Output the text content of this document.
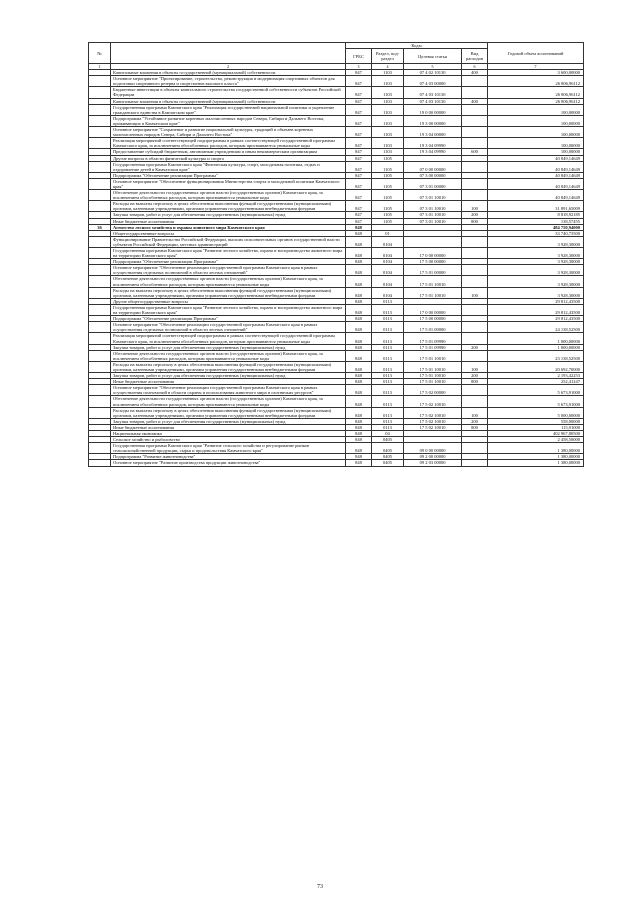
№		Коды				Годовой объем ассигнований
		ГРБС	Раздел, под-раздел	Целевая статья	Вид расходов	
1	2	3	4	5	6	7
	Капитальные вложения в объекты государственной (муниципальной) собственности	847	1103	07 4 02 10130	400	3 600,00000
	Основное мероприятие "Проектирование, строительство, реконструкция и модернизация спортивных объектов для подготовки спортивного резерва и спортсменов высокого класса"	847	1103	07 4 03 00000		26 806,96112
	Бюджетные инвестиции в объекты капитального строительства государственной собственности субъектов Российской Федерации	847	1103	07 4 03 10130		26 806,96112
	Капитальные вложения в объекты государственной (муниципальной) собственности	847	1103	07 4 03 10130	400	26 806,96112
	Государственная программа Камчатского края "Реализация государственной национальной политики и укрепление гражданского единства в Камчатском крае"	847	1103	19 0 00 00000		100,00000
	Подпрограмма "Устойчивое развитие коренных малочисленных народов Севера, Сибири и Дальнего Востока, проживающих в Камчатском крае"	847	1103	19 3 00 00000		100,00000
	Основное мероприятие "Сохранение и развитие национальной культуры, традиций и обычаев коренных малочисленных народов Севера, Сибири и Дальнего Востока"	847	1103	19 3 04 00000		100,00000
	Реализация мероприятий соответствующей подпрограммы в рамках соответствующей государственной программы Камчатского края, за исключением обособленных расходов, которым присваиваются уникальные коды	847	1103	19 3 04 09990		100,00000
	Предоставление субсидий бюджетным, автономным учреждениям и иным некоммерческим организациям	847	1103	19 3 04 09990	600	100,00000
	Другие вопросы в области физической культуры и спорта	847	1105			40 849,14649
	Государственная программа Камчатского края "Физическая культура, спорт, молодежная политика, отдых и оздоровление детей в Камчатском крае"	847	1105	07 0 00 00000		40 849,14649
	Подпрограмма "Обеспечение реализации Программы"	847	1105	07 3 00 00000		40 849,14649
	Основное мероприятие "Обеспечение функционирования Министерства спорта и молодежной политики Камчатского края"	847	1105	07 3 01 00000		40 849,14649
	Обеспечение деятельности государственных органов власти (государственных органов) Камчатского края, за исключением обособленных расходов, которым присваиваются уникальные коды	847	1105	07 3 01 10010		40 849,14649
	Расходы на выплаты персоналу в целях обеспечения выполнения функций государственными (муниципальными) органами, казенными учреждениями, органами управления государственными внебюджетными фондами	847	1105	07 3 01 10010	100	31 891,65009
	Закупка товаров, работ и услуг для обеспечения государственных (муниципальных) нужд	847	1105	07 3 01 10010	200	8 818,92185
	Иные бюджетные ассигнования	847	1105	07 3 01 10010	800	138,57455
36	Агентство лесного хозяйства и охраны животного мира Камчатского края	848				484 750,94000
	Общегосударственные вопросы	848	01			33 740,73500
	Функционирование Правительства Российской Федерации, высших исполнительных органов государственной власти субъектов Российской Федерации, местных администраций	848	0104			3 928,30000
	Государственная программа Камчатского края "Развитие лесного хозяйства, охрана и воспроизводство животного мира на территории Камчатского края"	848	0104	17 0 00 00000		3 928,30000
	Подпрограмма "Обеспечение реализации Программы"	848	0104	17 5 00 00000		3 928,30000
	Основное мероприятие "Обеспечение реализации государственной программы Камчатского края в рамках осуществления отдельных полномочий в области лесных отношений"	848	0104	17 5 01 00000		3 928,30000
	Обеспечение деятельности государственных органов власти (государственных органов) Камчатского края, за исключением обособленных расходов, которым присваиваются уникальные коды	848	0104	17 5 01 10010		3 928,30000
	Расходы на выплаты персоналу в целях обеспечения выполнения функций государственными (муниципальными) органами, казенными учреждениями, органами управления государственными внебюджетными фондами	848	0104	17 5 01 10010	100	3 928,30000
	Другие общегосударственные вопросы	848	0113			29 812,43500
	Государственная программа Камчатского края "Развитие лесного хозяйства, охрана и воспроизводство животного мира на территории Камчатского края"	848	0113	17 0 00 00000		29 812,43500
	Подпрограмма "Обеспечение реализации Программы"	848	0113	17 5 00 00000		29 812,43500
	Основное мероприятие "Обеспечение реализации государственной программы Камчатского края в рамках осуществления отдельных полномочий в области лесных отношений"	848	0113	17 5 01 00000		24 138,52500
	Реализация мероприятий соответствующей подпрограммы в рамках соответствующей государственной программы Камчатского края, за исключением обособленных расходов, которым присваиваются уникальные коды	848	0113	17 5 01 09990		1 000,00000
	Закупка товаров, работ и услуг для обеспечения государственных (муниципальных) нужд	848	0113	17 5 01 09990	200	1 000,00000
	Обеспечение деятельности государственных органов власти (государственных органов) Камчатского края, за исключением обособленных расходов, которым присваиваются уникальные коды	848	0113	17 5 01 10010		23 138,52500
	Расходы на выплаты персоналу в целях обеспечения выполнения функций государственными (муниципальными) органами, казенными учреждениями, органами управления государственными внебюджетными фондами	848	0113	17 5 01 10010	100	20 692,70000
	Закупка товаров, работ и услуг для обеспечения государственных (муниципальных) нужд	848	0113	17 5 01 10010	200	2 193,42253
	Иные бюджетные ассигнования	848	0113	17 5 01 10010	800	252,41247
	Основное мероприятие "Обеспечение реализации государственной программы Камчатского края в рамках осуществления полномочий в области охраны и использования животного мира и охотничьих ресурсов"	848	0113	17 5 02 00000		5 673,91000
	Обеспечение деятельности государственных органов власти (государственных органов) Камчатского края, за исключением обособленных расходов, которым присваиваются уникальные коды	848	0113	17 5 02 10010		5 673,91000
	Расходы на выплаты персоналу в целях обеспечения выполнения функций государственными (муниципальными) органами, казенными учреждениями, органами управления государственными внебюджетными фондами	848	0113	17 5 02 10010	100	5 000,00000
	Закупка товаров, работ и услуг для обеспечения государственных (муниципальных) нужд	848	0113	17 5 02 10010	200	558,00000
	Иные бюджетные ассигнования	848	0113	17 5 02 10010	800	115,91000
	Национальная экономика	848	04			402 967,80500
	Сельское хозяйство и рыболовство	848	0405			2 458,50000
	Государственная программа Камчатского края "Развитие сельского хозяйства и регулирование рынков сельскохозяйственной продукции, сырья и продовольствия Камчатского края"	848	0405	09 0 00 00000		1 380,00000
	Подпрограмма "Развитие животноводства"	848	0405	09 2 00 00000		1 380,00000
	Основное мероприятие "Развитие производства продукции животноводства"	848	0405	09 2 03 00000		1 380,00000
73
